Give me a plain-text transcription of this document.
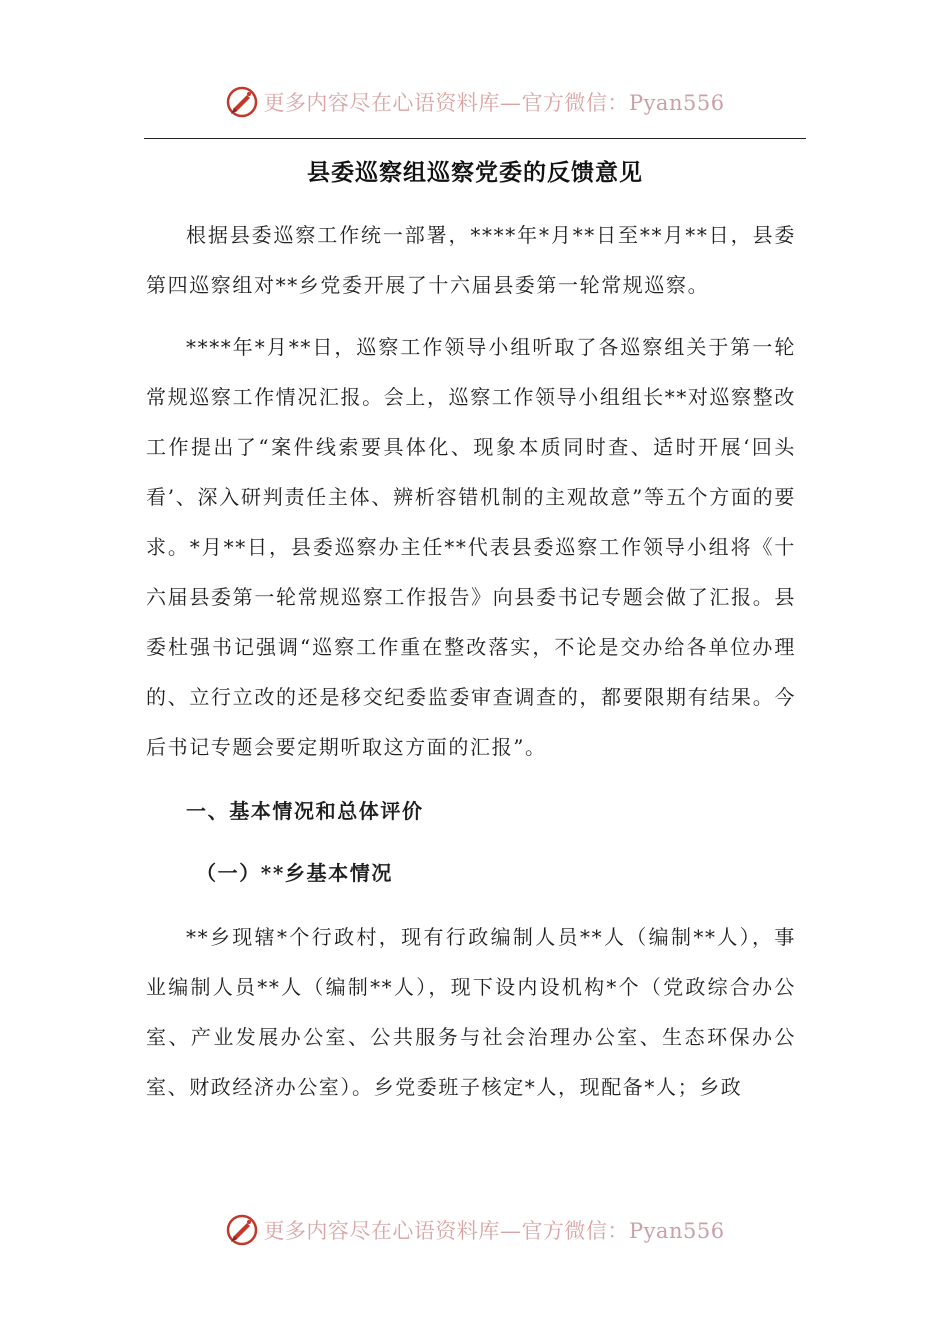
更多内容尽在心语资料库—官方微信：Pyan556
县委巡察组巡察党委的反馈意见

根据县委巡察工作统一部署，****年*月**日至**月**日，县委第四巡察组对**乡党委开展了十六届县委第一轮常规巡察。

****年*月**日，巡察工作领导小组听取了各巡察组关于第一轮常规巡察工作情况汇报。会上，巡察工作领导小组组长**对巡察整改工作提出了“案件线索要具体化、现象本质同时查、适时开展‘回头看’、深入研判责任主体、辨析容错机制的主观故意”等五个方面的要求。*月**日，县委巡察办主任**代表县委巡察工作领导小组将《十六届县委第一轮常规巡察工作报告》向县委书记专题会做了汇报。县委杜强书记强调“巡察工作重在整改落实，不论是交办给各单位办理的、立行立改的还是移交纪委监委审查调查的，都要限期有结果。今后书记专题会要定期听取这方面的汇报”。

一、基本情况和总体评价

（一）**乡基本情况

**乡现辖*个行政村，现有行政编制人员**人（编制**人），事业编制人员**人（编制**人），现下设内设机构*个（党政综合办公室、产业发展办公室、公共服务与社会治理办公室、生态环保办公室、财政经济办公室）。乡党委班子核定*人，现配备*人；乡政

更多内容尽在心语资料库—官方微信：Pyan556
